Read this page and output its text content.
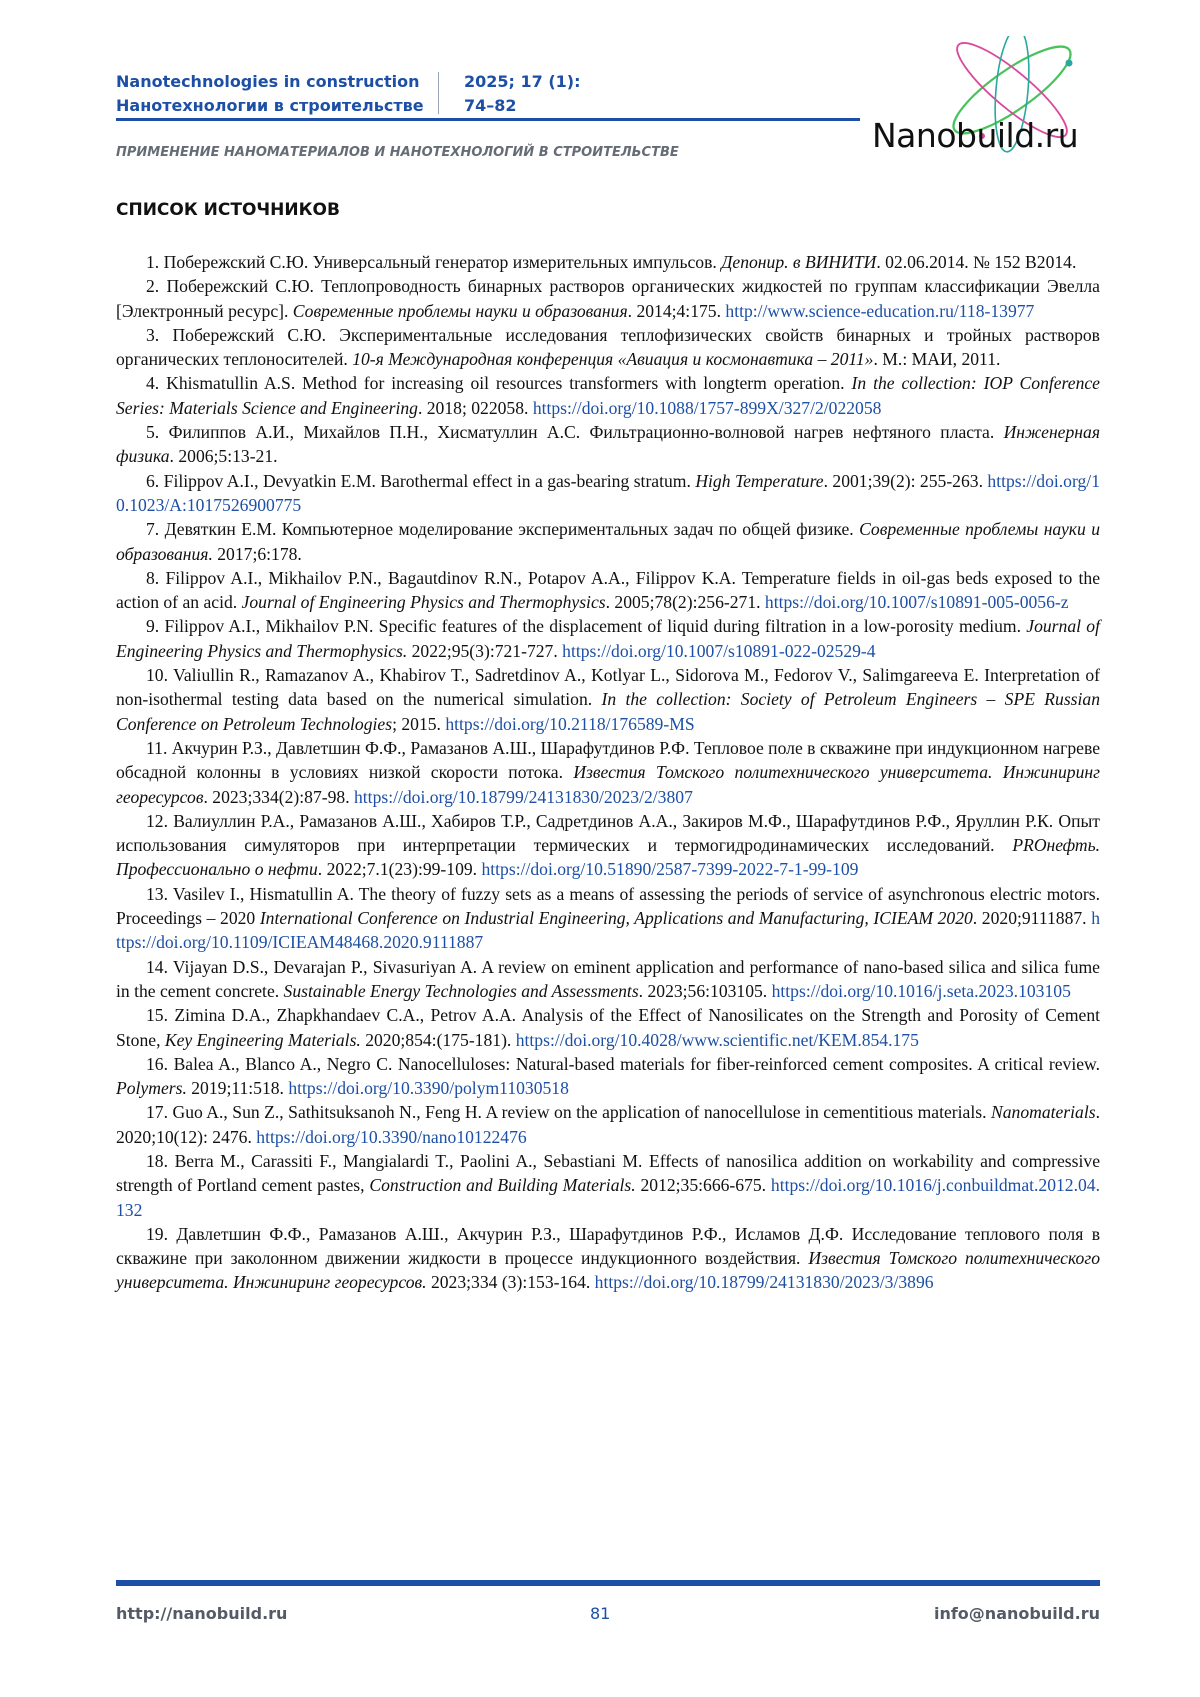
Nanotechnologies in construction
Нанотехнологии в строительстве
2025; 17 (1):
74–82
Nanobuild.ru
ПРИМЕНЕНИЕ НАНОМАТЕРИАЛОВ И НАНОТЕХНОЛОГИЙ В СТРОИТЕЛЬСТВЕ
СПИСОК ИСТОЧНИКОВ

1. Побережский С.Ю. Универсальный генератор измерительных импульсов. Депонир. в ВИНИТИ. 02.06.2014. № 152 В2014.

2. Побережский С.Ю. Теплопроводность бинарных растворов органических жидкостей по группам классификации Эвелла [Электронный ресурс]. Современные проблемы науки и образования. 2014;4:175. http://www.science-education.ru/118-13977

3. Побережский С.Ю. Экспериментальные исследования теплофизических свойств бинарных и тройных растворов органических теплоносителей. 10-я Международная конференция «Авиация и космонавтика – 2011». М.: МАИ, 2011.

4. Khismatullin A.S. Method for increasing oil resources transformers with longterm operation. In the collection: IOP Conference Series: Materials Science and Engineering. 2018; 022058. https://doi.org/10.1088/1757-899X/327/2/022058

5. Филиппов А.И., Михайлов П.Н., Хисматуллин А.С. Фильтрационно-волновой нагрев нефтяного пласта. Инженерная физика. 2006;5:13-21.

6. Filippov A.I., Devyatkin E.M. Barothermal effect in a gas-bearing stratum. High Temperature. 2001;39(2): 255-263. https://doi.org/10.1023/A:1017526900775

7. Девяткин Е.М. Компьютерное моделирование экспериментальных задач по общей физике. Современные проблемы науки и образования. 2017;6:178.

8. Filippov A.I., Mikhailov P.N., Bagautdinov R.N., Potapov A.A., Filippov K.A. Temperature fields in oil-gas beds exposed to the action of an acid. Journal of Engineering Physics and Thermophysics. 2005;78(2):256-271. https://doi.org/10.1007/s10891-005-0056-z

9. Filippov A.I., Mikhailov P.N. Specific features of the displacement of liquid during filtration in a low-porosity medium. Journal of Engineering Physics and Thermophysics. 2022;95(3):721-727. https://doi.org/10.1007/s10891-022-02529-4

10. Valiullin R., Ramazanov A., Khabirov T., Sadretdinov A., Kotlyar L., Sidorova M., Fedorov V., Salimgareeva E. Interpretation of non-isothermal testing data based on the numerical simulation. In the collection: Society of Petroleum Engineers – SPE Russian Conference on Petroleum Technologies; 2015. https://doi.org/10.2118/176589-MS

11. Акчурин Р.З., Давлетшин Ф.Ф., Рамазанов А.Ш., Шарафутдинов Р.Ф. Тепловое поле в скважине при индукционном нагреве обсадной колонны в условиях низкой скорости потока. Известия Томского политехнического университета. Инжиниринг георесурсов. 2023;334(2):87-98. https://doi.org/10.18799/24131830/2023/2/3807

12. Валиуллин Р.А., Рамазанов А.Ш., Хабиров Т.Р., Садретдинов А.А., Закиров М.Ф., Шарафутдинов Р.Ф., Яруллин Р.К. Опыт использования симуляторов при интерпретации термических и термогидродинамических исследований. PROнефть. Профессионально о нефти. 2022;7.1(23):99-109. https://doi.org/10.51890/2587-7399-2022-7-1-99-109

13. Vasilev I., Hismatullin A. The theory of fuzzy sets as a means of assessing the periods of service of asynchronous electric motors. Proceedings – 2020 International Conference on Industrial Engineering, Applications and Manufacturing, ICIEAM 2020. 2020;9111887. https://doi.org/10.1109/ICIEAM48468.2020.9111887

14. Vijayan D.S., Devarajan P., Sivasuriyan A. A review on eminent application and performance of nano-based silica and silica fume in the cement concrete. Sustainable Energy Technologies and Assessments. 2023;56:103105. https://doi.org/10.1016/j.seta.2023.103105

15. Zimina D.A., Zhapkhandaev C.A., Petrov A.A. Analysis of the Effect of Nanosilicates on the Strength and Porosity of Cement Stone, Key Engineering Materials. 2020;854:(175-181). https://doi.org/10.4028/www.scientific.net/KEM.854.175

16. Balea A., Blanco A., Negro C. Nanocelluloses: Natural-based materials for fiber-reinforced cement composites. A critical review. Polymers. 2019;11:518. https://doi.org/10.3390/polym11030518

17. Guo A., Sun Z., Sathitsuksanoh N., Feng H. A review on the application of nanocellulose in cementitious materials. Nanomaterials. 2020;10(12): 2476. https://doi.org/10.3390/nano10122476

18. Berra M., Carassiti F., Mangialardi T., Paolini A., Sebastiani M. Effects of nanosilica addition on workability and compressive strength of Portland cement pastes, Construction and Building Materials. 2012;35:666-675. https://doi.org/10.1016/j.conbuildmat.2012.04.132

19. Давлетшин Ф.Ф., Рамазанов А.Ш., Акчурин Р.З., Шарафутдинов Р.Ф., Исламов Д.Ф. Исследование теплового поля в скважине при заколонном движении жидкости в процессе индукционного воздействия. Известия Томского политехнического университета. Инжиниринг георесурсов. 2023;334 (3):153-164. https://doi.org/10.18799/24131830/2023/3/3896

http://nanobuild.ru	81	info@nanobuild.ru
